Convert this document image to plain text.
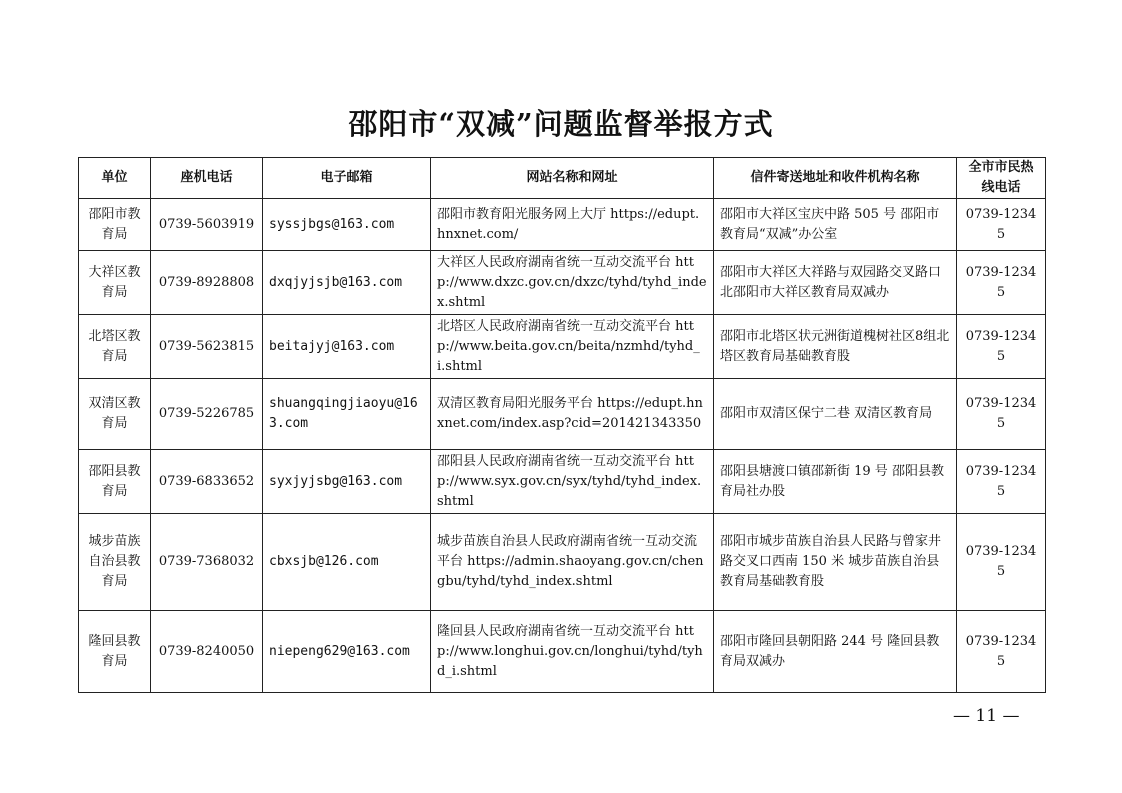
邵阳市“双减”问题监督举报方式
单位	座机电话	电子邮箱	网站名称和网址	信件寄送地址和收件机构名称	全市市民热线电话
邵阳市教育局	0739-5603919	syssjbgs@163.com	邵阳市教育阳光服务网上大厅 https://edupt.hnxnet.com/	邵阳市大祥区宝庆中路 505 号 邵阳市教育局“双减”办公室	0739-12345
大祥区教育局	0739-8928808	dxqjyjsjb@163.com	大祥区人民政府湖南省统一互动交流平台 http://www.dxzc.gov.cn/dxzc/tyhd/tyhd_index.shtml	邵阳市大祥区大祥路与双园路交叉路口北邵阳市大祥区教育局双减办	0739-12345
北塔区教育局	0739-5623815	beitajyj@163.com	北塔区人民政府湖南省统一互动交流平台 http://www.beita.gov.cn/beita/nzmhd/tyhd_i.shtml	邵阳市北塔区状元洲街道槐树社区8组北塔区教育局基础教育股	0739-12345
双清区教育局	0739-5226785	shuangqingjiaoyu@163.com	双清区教育局阳光服务平台 https://edupt.hnxnet.com/index.asp?cid=201421343350	邵阳市双清区保宁二巷 双清区教育局	0739-12345
邵阳县教育局	0739-6833652	syxjyjsbg@163.com	邵阳县人民政府湖南省统一互动交流平台 http://www.syx.gov.cn/syx/tyhd/tyhd_index.shtml	邵阳县塘渡口镇邵新街 19 号 邵阳县教育局社办股	0739-12345
城步苗族自治县教育局	0739-7368032	cbxsjb@126.com	城步苗族自治县人民政府湖南省统一互动交流平台 https://admin.shaoyang.gov.cn/chengbu/tyhd/tyhd_index.shtml	邵阳市城步苗族自治县人民路与曾家井路交叉口西南 150 米 城步苗族自治县教育局基础教育股	0739-12345
隆回县教育局	0739-8240050	niepeng629@163.com	隆回县人民政府湖南省统一互动交流平台 http://www.longhui.gov.cn/longhui/tyhd/tyhd_i.shtml	邵阳市隆回县朝阳路 244 号 隆回县教育局双减办	0739-12345
— 11 —
